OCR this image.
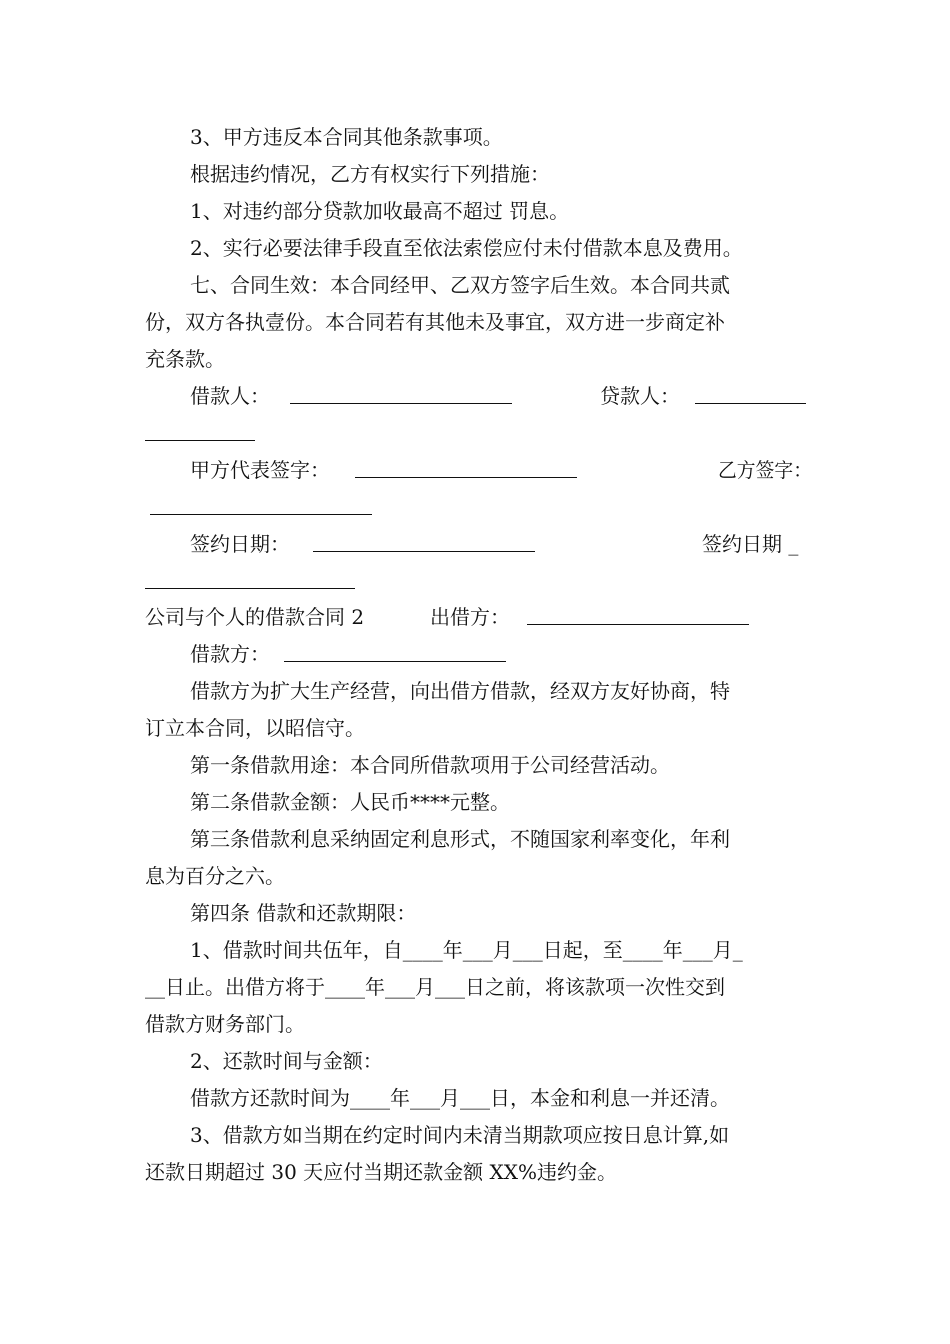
3、甲方违反本合同其他条款事项。
根据违约情况，乙方有权实行下列措施：
1、对违约部分贷款加收最高不超过 罚息。
2、实行必要法律手段直至依法索偿应付未付借款本息及费用。
七、合同生效：本合同经甲、乙双方签字后生效。本合同共贰
份，双方各执壹份。本合同若有其他未及事宜，双方进一步商定补
充条款。
借款人：	贷款人：
甲方代表签字：	乙方签字：
签约日期：	签约日期 _
公司与个人的借款合同 2	出借方：
借款方：
借款方为扩大生产经营，向出借方借款，经双方友好协商，特
订立本合同，以昭信守。
第一条借款用途：本合同所借款项用于公司经营活动。
第二条借款金额：人民币****元整。
第三条借款利息采纳固定利息形式，不随国家利率变化，年利
息为百分之六。
第四条 借款和还款期限：
1、借款时间共伍年，自____年___月___日起，至____年___月_
__日止。出借方将于____年___月___日之前，将该款项一次性交到
借款方财务部门。
2、还款时间与金额：
借款方还款时间为____年___月___日，本金和利息一并还清。
3、借款方如当期在约定时间内未清当期款项应按日息计算,如
还款日期超过 30 天应付当期还款金额 XX%违约金。
